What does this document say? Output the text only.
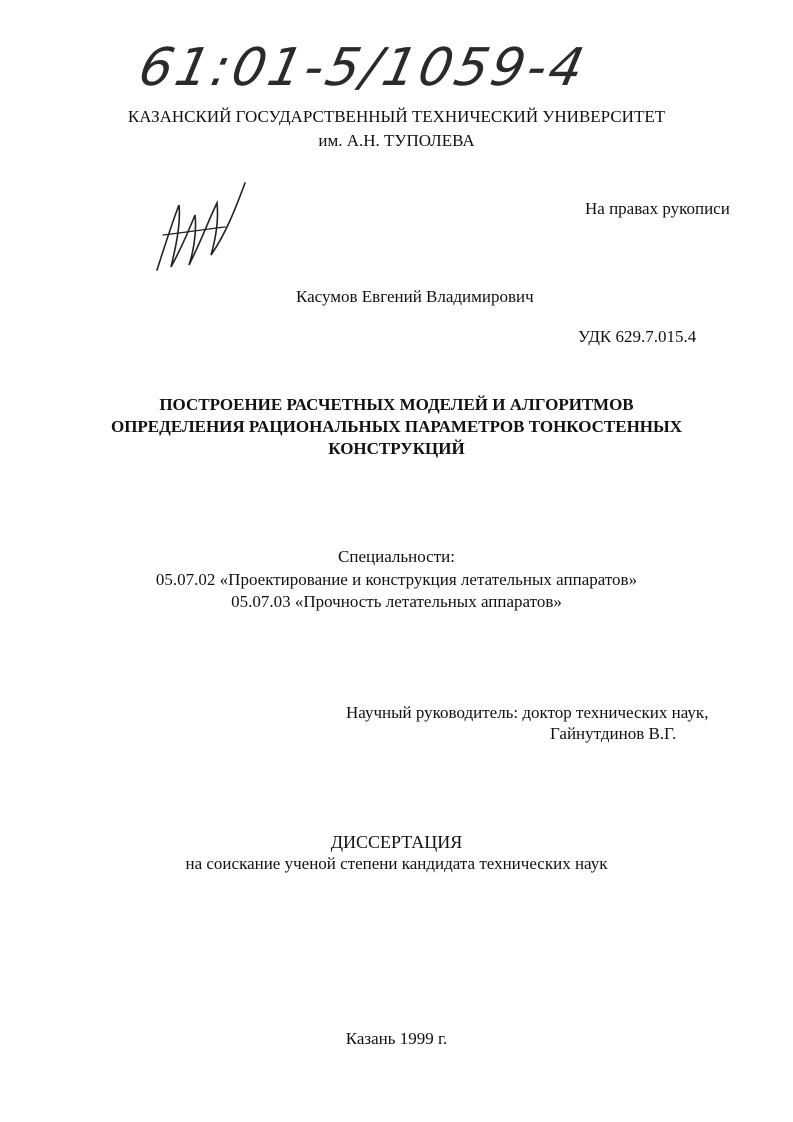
61:01-5/1059-4
КАЗАНСКИЙ ГОСУДАРСТВЕННЫЙ ТЕХНИЧЕСКИЙ УНИВЕРСИТЕТ
им. А.Н. ТУПОЛЕВА
На правах рукописи
Касумов Евгений Владимирович
УДК 629.7.015.4
ПОСТРОЕНИЕ РАСЧЕТНЫХ МОДЕЛЕЙ И АЛГОРИТМОВ
ОПРЕДЕЛЕНИЯ РАЦИОНАЛЬНЫХ ПАРАМЕТРОВ ТОНКОСТЕННЫХ
КОНСТРУКЦИЙ
Специальности:
05.07.02 «Проектирование и конструкция летательных аппаратов»
05.07.03 «Прочность летательных аппаратов»
Научный руководитель: доктор технических наук,
Гайнутдинов В.Г.
ДИССЕРТАЦИЯ
на соискание ученой степени кандидата технических наук
Казань 1999 г.
